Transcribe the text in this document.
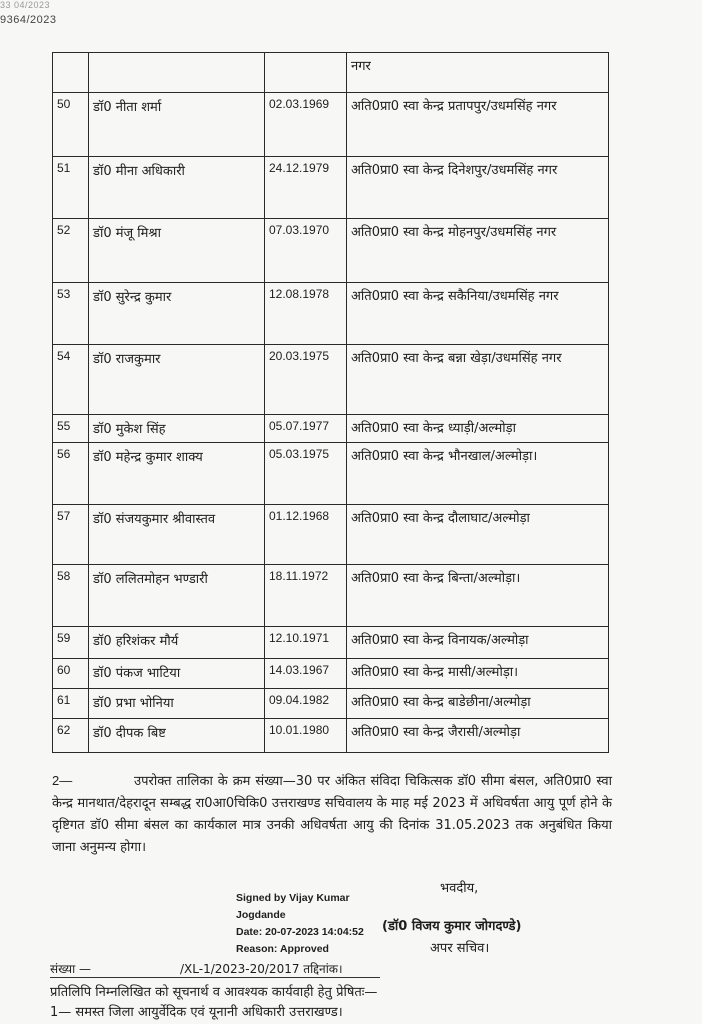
33 04/2023
9364/2023
			नगर
50	डॉ0 नीता शर्मा	02.03.1969	अति0प्रा0 स्वा केन्द्र प्रतापपुर/उधमसिंह नगर
51	डॉ0 मीना अधिकारी	24.12.1979	अति0प्रा0 स्वा केन्द्र दिनेशपुर/उधमसिंह नगर
52	डॉ0 मंजू मिश्रा	07.03.1970	अति0प्रा0 स्वा केन्द्र मोहनपुर/उधमसिंह नगर
53	डॉ0 सुरेन्द्र कुमार	12.08.1978	अति0प्रा0 स्वा केन्द्र सकैनिया/उधमसिंह नगर
54	डॉ0 राजकुमार	20.03.1975	अति0प्रा0 स्वा केन्द्र बन्ना खेड़ा/उधमसिंह नगर
55	डॉ0 मुकेश सिंह	05.07.1977	अति0प्रा0 स्वा केन्द्र ध्याड़ी/अल्मोड़ा
56	डॉ0 महेन्द्र कुमार शाक्य	05.03.1975	अति0प्रा0 स्वा केन्द्र भौनखाल/अल्मोड़ा।
57	डॉ0 संजयकुमार श्रीवास्तव	01.12.1968	अति0प्रा0 स्वा केन्द्र दौलाघाट/अल्मोड़ा
58	डॉ0 ललितमोहन भण्डारी	18.11.1972	अति0प्रा0 स्वा केन्द्र बिन्ता/अल्मोड़ा।
59	डॉ0 हरिशंकर मौर्य	12.10.1971	अति0प्रा0 स्वा केन्द्र विनायक/अल्मोड़ा
60	डॉ0 पंकज भाटिया	14.03.1967	अति0प्रा0 स्वा केन्द्र मासी/अल्मोड़ा।
61	डॉ0 प्रभा भोनिया	09.04.1982	अति0प्रा0 स्वा केन्द्र बाडेछीना/अल्मोड़ा
62	डॉ0 दीपक बिष्ट	10.01.1980	अति0प्रा0 स्वा केन्द्र जैरासी/अल्मोड़ा
2—	उपरोक्त तालिका के क्रम संख्या—30 पर अंकित संविदा चिकित्सक डॉ0 सीमा बंसल, अति0प्रा0 स्वा केन्द्र मानथात/देहरादून सम्बद्ध रा0आ0चिकि0 उत्तराखण्ड सचिवालय के माह मई 2023 में अधिवर्षता आयु पूर्ण होने के दृष्टिगत डॉ0 सीमा बंसल का कार्यकाल मात्र उनकी अधिवर्षता आयु की दिनांक 31.05.2023 तक अनुबंधित किया जाना अनुमन्य होगा।
भवदीय,
Signed by Vijay Kumar
Jogdande
Date: 20-07-2023 14:04:52
Reason: Approved
(डॉ0 विजय कुमार जोगदण्डे)
अपर सचिव।
संख्या —	/XL-1/2023-20/2017 तद्दिनांक।
प्रतिलिपि निम्नलिखित को सूचनार्थ व आवश्यक कार्यवाही हेतु प्रेषितः—
1— समस्त जिला आयुर्वेदिक एवं यूनानी अधिकारी उत्तराखण्ड।
